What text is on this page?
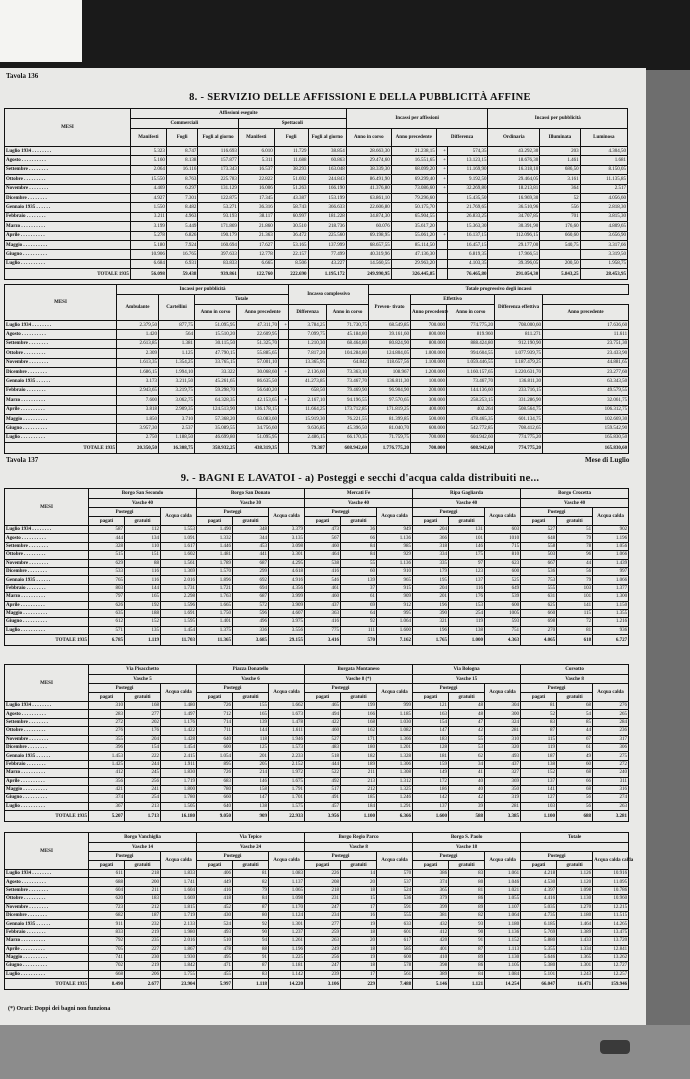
Tavola 136
8. - SERVIZIO DELLE AFFISSIONI E DELLA PUBBLICITÀ AFFINE
MESI	Affissioni eseguite						Incassi per affissioni				Incassi per pubblicità		
	Commerciali			Spettacoli									
	Manifesti	Fogli	Fogli al giorno	Manifesti	Fogli	Fogli al giorno	Anno in corso	Anno precedente	Differenza		Ordinaria	Illuminata	Luminosa
Luglio 1934 . . . . . . . .	5.323	8.747	116.693	6.010	11.729	38.854	28.663,30	21.238,15	+	574,35	43.292,30	203	4.304,50
Agosto . . . . . . . . . .	5.160	8.138	157.877	5.311	11.688	60.863	29.474,60	16.551,65	+	13.123,15	18.676,30	1.461	1.681
Settembre . . . . . . . .	2.064	16.116	173.343	16.537	38.293	163.048	38.339,30	68.099,20	+	11.169,90	16.318,10	686,50	8.150,05
Ottobre . . . . . . . . .	15.550	8.763	225.783	22.822	51.692	244.843	86.491,90	69.299,40	+	9.192,50	29.464,05	3.161	11.135,85
Novembre . . . . . . . .	4.469	6.297	131.129	16.006	51.263	166.190	41.376,80	73.086,60	+	32.269,80	18.213,81	364	2.517
Dicembre . . . . . . . .	4.927	7.301	122.875	17.345	43.387	153.199	63.861,10	79.296,60		15.435,50	16.969,30	52	4.056,60
Gennaio 1935 . . . . . .	1.550	8.482	53.271	36.316	58.743	366.633	22.606,80	50.175,70		21.769,65	36.510,96	556	2.818,30
Febbraio . . . . . . . .	3.211	4.963	93.193	38.117	60.997	181.228	34.874,30	65.904,55		26.833,25	34.707,85	701	3.815,30
Marzo . . . . . . . . . .	3.199	5.449	171.869	21.860	30.510	218.736	60.076	35.617,20		15.363,30	30.391,90	176,60	4.809,65
Aprile . . . . . . . . . .	5.278	6.826	190.179	21.363	36.472	225.560	69.198,95	55.061,20	+	16.137,15	112.096,15	660,60	3.656,90
Maggio . . . . . . . . . .	5.180	7.924	160.694	17.627	53.165	137.999	68.657,55	85.114,50		16.457,15	29.177,00	540,75	3.317,66
Giugno . . . . . . . . . .	10.906	16.765	397.633	12.778	22.157	77.499	40.319,96	47.136,30		6.819,35	17.966,51		3.319,50
Luglio . . . . . . . . . .	6.684	6.931	83.833	6.665	8.506	43.227	14.560,55	29.963,20		4.103,35	39.396,05	200,50	1.958,75
TOTALE 1935	56.098	59.438	939.861	122.760	222.690	1.195.172	249.990,95	326.445,85		76.465,80	291.054,30	5.843,25	28.453,95
MESI	Incassi per pubblicità					Incasso complessivo		Totale progressivo degli incassi				
	Ambulante	Cartellini	Totale					Preven- tivato	Effettivo		Differenza effettiva	
			Anno in corso	Anno precedente		Differenza	Anno in corso		Anno precedente	Anno in corso		Anno precedente
Luglio 1934 . . . . . . . .	2.379,50	877,75	51.095,95	47.311,70	+	3.784,25	71.730,75	68.549,85	700.000	774.775,20	708.000,60	17.636,60
Agosto . . . . . . . . . .	1.420	564	15.510,20	22.609,95		7.099,75	45.184,80	39.161,60	800.000	819.960	811.271	11.611
Settembre . . . . . . . .	2.613,85	1.381	30.115,50	51.325,70		1.210,30	68.464,80	80.824,90	800.000	888.424,80	912.190,90	23.751,30
Ottobre . . . . . . . . .	2.309	1.125	47.790,15	55.885,65		7.817,20	104.284,80	124.804,05	1.000.000	994.604,55	1.077.939,75	23.433,90
Novembre . . . . . . . .	1.613,35	1.354,25	33.765,15	57.001,10		13.365,95	64.842	118.657,56	1.100.000	1.059.446,55	1.187.479,25	44.881,65
Dicembre . . . . . . . .	1.686,15	1.994,10	33.322	30.068,60	+	2.136,60	73.363,10	108.967	1.200.000	1.160.157,65	1.220.631,70	23.277,60
Gennaio 1935 . . . . . .	3.173	3.211,50	45.261,65	86.635,50		41.273,85	73.467,70	136.811,30	100.000	73.467,70	136.811,30	63.343,50
Febbraio . . . . . . . .	2.943,65	3.219,75	59.298,70	56.640,20		658,50	79.469,90	96.904,90	200.000	144.136,60	233.716,15	49.579,55
Marzo . . . . . . . . . .	7.600	3.062,75	64.328,35	42.153,65	+	2.167,10	94.196,55	97.570,65	300.000	258.253,15	331.286,90	32.061,75
Aprile . . . . . . . . . .	3.818	2.909,35	124.513,90	136.178,15		11.664,25	173.712,85	171.819,25	400.000	402.264	508.564,75	106.312,75
Maggio . . . . . . . . . .	1.850	3.710	57.368,20	63.083,60		15.919,30	76.221,55	81.399,85	500.000	478.465,35	601.134,75	102.669,30
Giugno . . . . . . . . . .	3.957,30	2.537	35.089,55	34.756,60		9.636,85	45.396,50	81.040,70	600.000	542.772,85	708.412,65	159.542,90
Luglio . . . . . . . . . .	2.750	1.188,50	46.699,80	51.095,95		2.486,15	66.170,35	71.759,75	700.000	604.942,60	774.775,20	165.830,50
TOTALE 1935	20.350,50	16.308,75	358.932,25	438.319,35		79.387	608.942,60	1.776.775,20	700.000	608.942,60	774.775,20	165.830,60
Tavola 137	Mese di Luglio
9. - BAGNI E LAVATOI - a) Posteggi e secchi d'acqua calda distribuiti ne...
MESI	Borgo San Secondo			Borgo San Donato			Mercati Fe			Ripa Gagliarda			Borgo Crocetta		
	Vasche 40			Vasche 30			Vasche 40			Vasche 40			Vasche 40		
	Posteggi		Acqua calda	Posteggi		Acqua calda	Posteggi		Acqua calda	Posteggi		Acqua calda	Posteggi		Acqua calda
	pagati	gratuiti		pagati	gratuiti		pagati	gratuiti		pagati	gratuiti		pagati	gratuiti	
Luglio 1934 . . . . . . . .	587	112	1.553	1.490	348	3.379	473	36	949	204	131	603	527	51	902
Agosto . . . . . . . . . .	444	134	1.091	1.332	344	3.135	567	66	1.136	366	101	1010	648	79	1.196
Settembre . . . . . . . .	328	110	1.617	1.446	453	3.098	460	84	985	318	146	715	558	78	1.056
Ottobre . . . . . . . . .	515	151	1.602	1.481	441	3.301	464	84	929	334	175	810	503	96	1.066
Novembre . . . . . . . .	629	88	1.561	1.789	687	4.295	538	55	1.136	335	97	623	667	44	1.439
Dicembre . . . . . . . .	533	116	1.369	1.570	299	4.618	416	60	910	179	123	600	536	56	997
Gennaio 1935 . . . . . .	765	116	2.016	1.896	692	4.916	546	139	965	195	137	525	753	79	1.066
Febbraio . . . . . . . .	803	144	1.731	1.721	694	4.356	461	37	915	204	116	649	555	103	1.377
Marzo . . . . . . . . . .	797	165	2.298	1.763	687	3.999	460	61	909	201	176	539	631	101	1.300
Aprile . . . . . . . . . .	626	192	1.596	1.665	572	3.909	437	69	912	196	153	600	625	141	1.150
Maggio . . . . . . . . . .	635	188	1.691	1.750	596	4.607	363	64	995	390	254	1005	660	115	1.355
Giugno . . . . . . . . . .	612	152	1.595	1.401	496	3.975	416	92	1.064	321	119	593	698	72	1.216
Luglio . . . . . . . . . .	571	135	1.454	1.375	336	3.556	775	111	1.600	196	138	751	270	81	936
TOTALE 1935	6.785	1.119	11.703	11.365	3.685	29.155	3.416	570	7.162	1.765	1.000	4.363	4.065	618	6.727
MESI	Via Pisacchetto			Piazza Donatello			Borgata Montaneso			Via Bologna			Corsotto		
	Vasche 5			Vasche 6			Vasche 8 (*)			Vasche 15			Vasche 8		
	Posteggi		Acqua calda	Posteggi		Acqua calda	Posteggi		Acqua calda	Posteggi		Acqua calda	Posteggi		Acqua calda
	pagati	gratuiti		pagati	gratuiti		pagati	gratuiti		pagati	gratuiti		pagati	gratuiti	
Luglio 1934 . . . . . . . .	310	168	1.480	726	155	1.662	465	199	999	121	48	304	81	68	276
Agosto . . . . . . . . . .	283	277	1.497	712	165	1.673	494	166	1.185	163	48	300	52	54	265
Settembre . . . . . . . .	272	202	1.176	714	139	1.478	422	168	1.030	154	47	324	83	85	284
Ottobre . . . . . . . . .	276	176	1.422	711	144	1.611	460	162	1.082	147	42	281	87	44	236
Novembre . . . . . . . .	355	204	1.428	640	118	1.946	527	171	1.366	183	55	310	115	67	317
Dicembre . . . . . . . .	396	154	1.454	600	125	1.573	483	180	1.201	128	53	320	119	61	306
Gennaio 1935 . . . . . .	1.453	222	2.415	1.054	201	2.233	518	182	1.328	181	62	493	187	49	275
Febbraio . . . . . . . .	1.425	244	1.911	895	205	2.152	444	189	1.306	159	34	437	138	60	272
Marzo . . . . . . . . . .	412	245	1.830	726	214	1.972	522	211	1.308	149	41	327	152	68	240
Aprile . . . . . . . . . .	356	256	1.719	683	146	1.675	492	213	1.312	172	40	369	137	66	311
Maggio . . . . . . . . . .	421	241	1.800	780	158	1.791	517	212	1.325	186	40	350	141	68	316
Giugno . . . . . . . . . .	374	254	1.780	660	147	1.701	491	185	1.246	142	42	319	127	56	274
Luglio . . . . . . . . . .	367	213	1.505	640	138	1.575	457	184	1.291	137	39	281	103	56	263
TOTALE 1935	5.207	1.713	16.180	9.050	909	22.933	3.956	1.100	6.366	1.600	588	3.385	1.100	688	3.281
MESI	Borgo Vanchiglia			Via Tepice			Borgo Regio Parco			Borgo S. Paolo			Totale		
	Vasche 14			Vasche 24			Vasche 8			Vasche 18					
	Posteggi		Acqua calda	Posteggi		Acqua calda	Posteggi		Acqua calda	Posteggi		Acqua calda	Posteggi		Acqua calda calda
	pagati	gratuiti		pagati	gratuiti		pagati	gratuiti		pagati	gratuiti		pagati	gratuiti	
Luglio 1934 . . . . . . . .	611	218	1.833	406	81	1.083	226	14	570	386	83	1.061	4.218	1.126	10.916
Agosto . . . . . . . . . .	688	200	1.741	449	82	1.137	208	20	537	374	80	1.046	4.530	1.120	11.095
Settembre . . . . . . . .	604	211	1.604	416	79	1.065	218	18	524	365	81	1.021	4.397	1.098	10.786
Ottobre . . . . . . . . .	620	183	1.669	418	84	1.098	231	15	536	379	86	1.055	4.416	1.130	10.960
Novembre . . . . . . . .	723	212	1.815	452	87	1.170	247	17	591	399	89	1.107	5.035	1.270	12.215
Dicembre . . . . . . . .	682	187	1.719	430	80	1.124	234	16	555	381	82	1.064	4.735	1.180	11.515
Gennaio 1935 . . . . . .	911	232	2.133	524	92	1.301	277	19	633	432	93	1.180	6.185	1.464	14.265
Febbraio . . . . . . . .	833	219	1.980	493	90	1.237	259	18	601	412	90	1.136	5.769	1.389	13.475
Marzo . . . . . . . . . .	792	235	2.016	510	94	1.261	263	20	617	420	91	1.152	5.880	1.433	13.720
Aprile . . . . . . . . . .	705	227	1.867	478	88	1.196	249	18	585	401	87	1.113	5.355	1.334	12.841
Maggio . . . . . . . . . .	741	230	1.930	495	91	1.225	256	19	600	410	89	1.130	5.646	1.365	13.262
Giugno . . . . . . . . . .	702	219	1.842	471	87	1.181	247	18	578	398	86	1.105	5.380	1.301	12.727
Luglio . . . . . . . . . .	668	206	1.755	455	83	1.142	239	17	561	389	84	1.084	5.101	1.243	12.257
TOTALE 1935	8.490	2.677	23.904	5.997	1.118	14.220	3.106	229	7.488	5.146	1.121	14.254	66.047	16.471	159.946
(*) Orari: Doppi dei bagni non funziona
